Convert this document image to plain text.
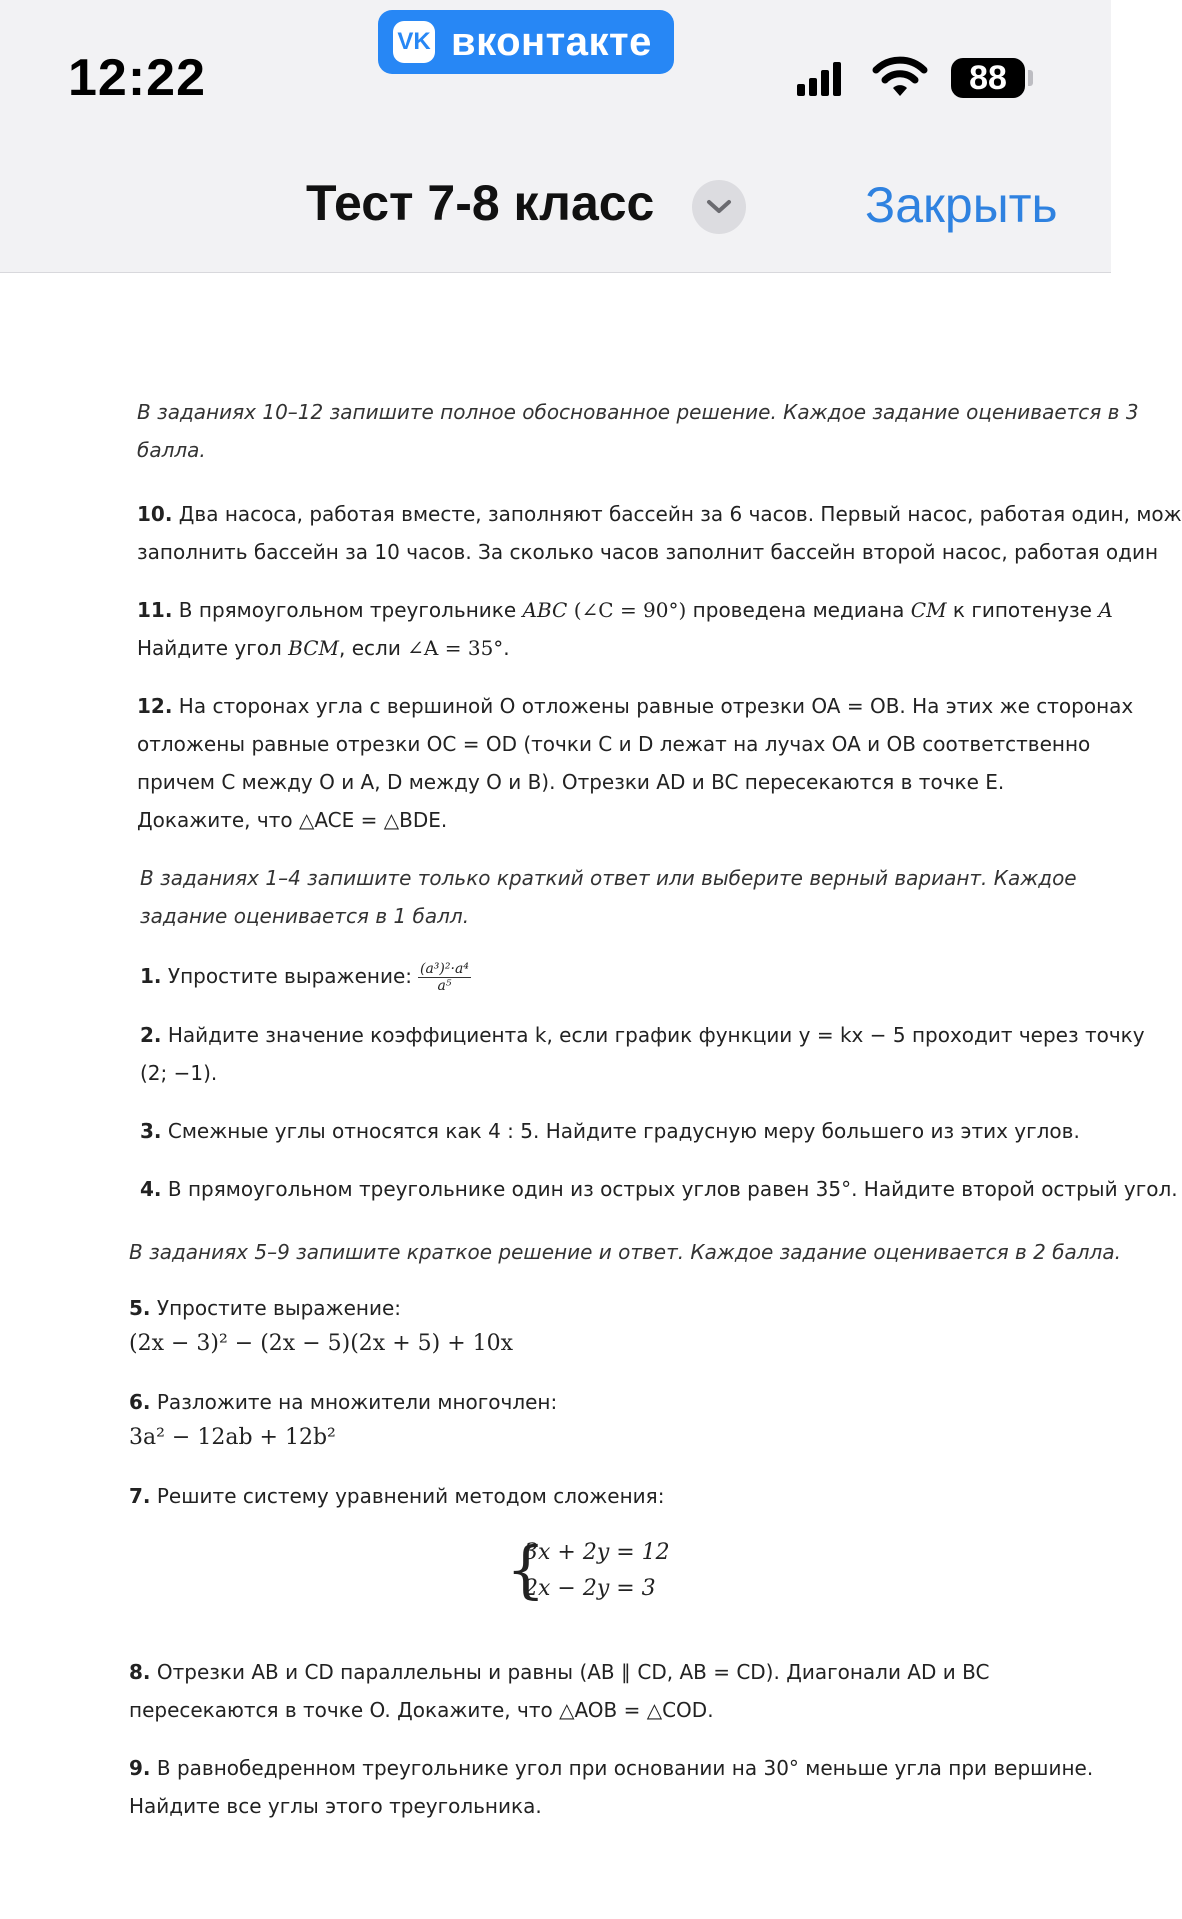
12:22
VK вконтакте
88
Тест 7-8 класс	Закрыть

В заданиях 10–12 запишите полное обоснованное решение. Каждое задание оценивается в 3

балла.

10. Два насоса, работая вместе, заполняют бассейн за 6 часов. Первый насос, работая один, мож

заполнить бассейн за 10 часов. За сколько часов заполнит бассейн второй насос, работая один

11. В прямоугольном треугольнике ABC (∠C = 90°) проведена медиана CM к гипотенузе A

Найдите угол BCM, если ∠A = 35°.

12. На сторонах угла с вершиной O отложены равные отрезки OA = OB. На этих же сторонах

отложены равные отрезки OC = OD (точки C и D лежат на лучах OA и OB соответственно

причем C между O и A, D между O и B). Отрезки AD и BC пересекаются в точке E.

Докажите, что △ACE = △BDE.

В заданиях 1–4 запишите только краткий ответ или выберите верный вариант. Каждое

задание оценивается в 1 балл.

1. Упростите выражение: $\frac{\text{(a³)²·a⁴}}{\text{a⁵}}$

2. Найдите значение коэффициента k, если график функции y = kx − 5 проходит через точку

(2; −1).

3. Смежные углы относятся как 4 : 5. Найдите градусную меру большего из этих углов.

4. В прямоугольном треугольнике один из острых углов равен 35°. Найдите второй острый угол.

В заданиях 5–9 запишите краткое решение и ответ. Каждое задание оценивается в 2 балла.

5. Упростите выражение:

(2x − 3)² − (2x − 5)(2x + 5) + 10x

6. Разложите на множители многочлен:

3a² − 12ab + 12b²

7. Решите систему уравнений методом сложения:

{
3x + 2y = 12
2x − 2y = 3

8. Отрезки AB и CD параллельны и равны (AB ∥ CD, AB = CD). Диагонали AD и BC

пересекаются в точке O. Докажите, что △AOB = △COD.

9. В равнобедренном треугольнике угол при основании на 30° меньше угла при вершине.

Найдите все углы этого треугольника.
